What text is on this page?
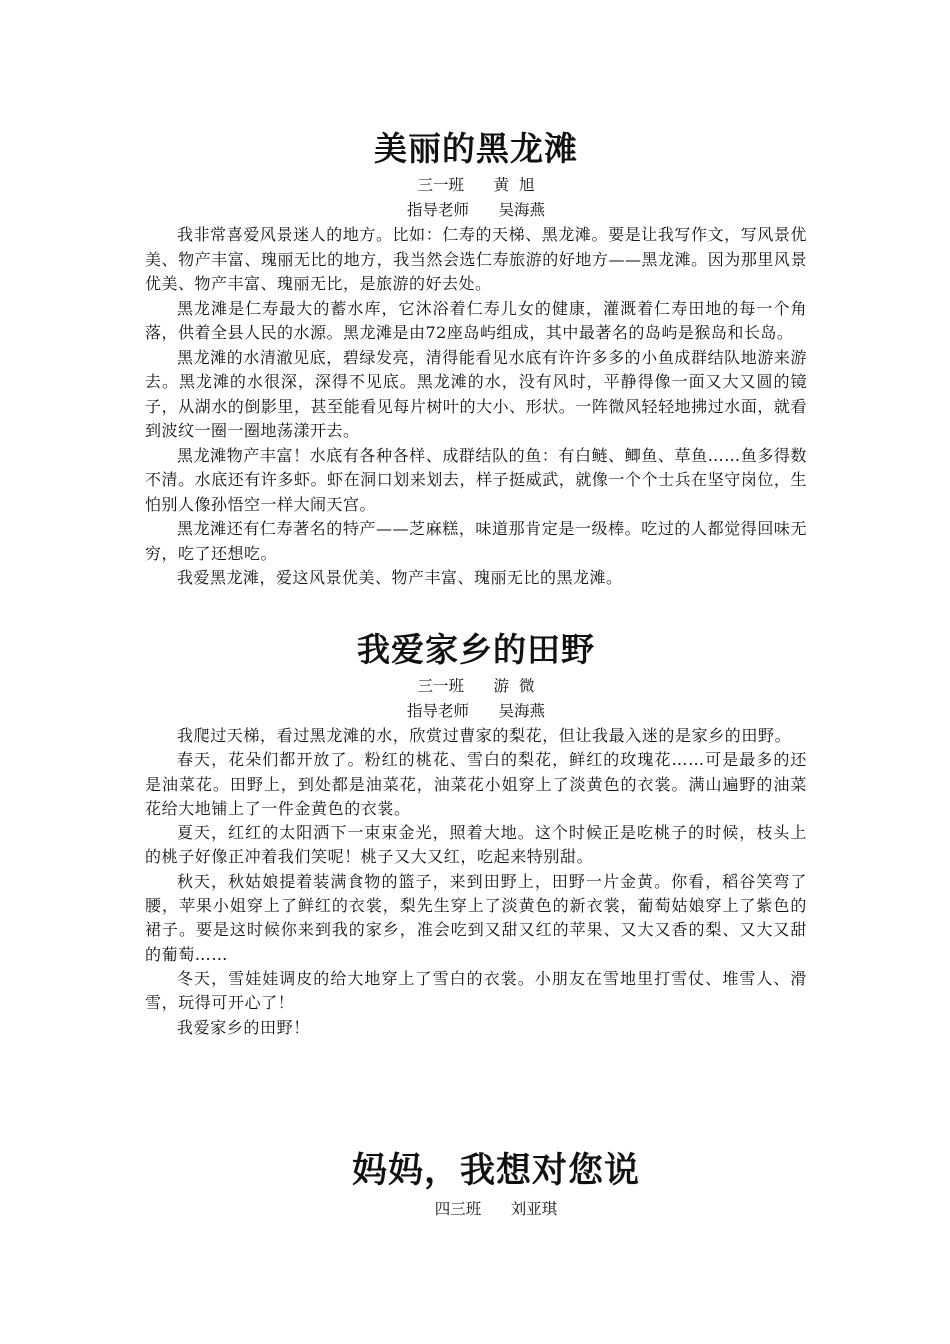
美丽的黑龙滩

三一班      黄  旭

指导老师      吴海燕

我非常喜爱风景迷人的地方。比如：仁寿的天梯、黑龙滩。要是让我写作文，写风景优美、物产丰富、瑰丽无比的地方，我当然会选仁寿旅游的好地方——黑龙滩。因为那里风景优美、物产丰富、瑰丽无比，是旅游的好去处。

黑龙滩是仁寿最大的蓄水库，它沐浴着仁寿儿女的健康，灌溉着仁寿田地的每一个角落，供着全县人民的水源。黑龙滩是由72座岛屿组成，其中最著名的岛屿是猴岛和长岛。

黑龙滩的水清澈见底，碧绿发亮，清得能看见水底有许许多多的小鱼成群结队地游来游去。黑龙滩的水很深，深得不见底。黑龙滩的水，没有风时，平静得像一面又大又圆的镜子，从湖水的倒影里，甚至能看见每片树叶的大小、形状。一阵微风轻轻地拂过水面，就看到波纹一圈一圈地荡漾开去。

黑龙滩物产丰富！水底有各种各样、成群结队的鱼：有白鲢、鲫鱼、草鱼……鱼多得数不清。水底还有许多虾。虾在洞口划来划去，样子挺威武，就像一个个士兵在坚守岗位，生怕别人像孙悟空一样大闹天宫。

黑龙滩还有仁寿著名的特产——芝麻糕，味道那肯定是一级棒。吃过的人都觉得回味无穷，吃了还想吃。

我爱黑龙滩，爱这风景优美、物产丰富、瑰丽无比的黑龙滩。

我爱家乡的田野

三一班      游  微

指导老师      吴海燕

我爬过天梯，看过黑龙滩的水，欣赏过曹家的梨花，但让我最入迷的是家乡的田野。

春天，花朵们都开放了。粉红的桃花、雪白的梨花，鲜红的玫瑰花……可是最多的还是油菜花。田野上，到处都是油菜花，油菜花小姐穿上了淡黄色的衣裳。满山遍野的油菜花给大地铺上了一件金黄色的衣裳。

夏天，红红的太阳洒下一束束金光，照着大地。这个时候正是吃桃子的时候，枝头上的桃子好像正冲着我们笑呢！桃子又大又红，吃起来特别甜。

秋天，秋姑娘提着装满食物的篮子，来到田野上，田野一片金黄。你看，稻谷笑弯了腰，苹果小姐穿上了鲜红的衣裳，梨先生穿上了淡黄色的新衣裳，葡萄姑娘穿上了紫色的裙子。要是这时候你来到我的家乡，准会吃到又甜又红的苹果、又大又香的梨、又大又甜的葡萄……

冬天，雪娃娃调皮的给大地穿上了雪白的衣裳。小朋友在雪地里打雪仗、堆雪人、滑雪，玩得可开心了！

我爱家乡的田野！

妈妈，我想对您说

四三班      刘亚琪
